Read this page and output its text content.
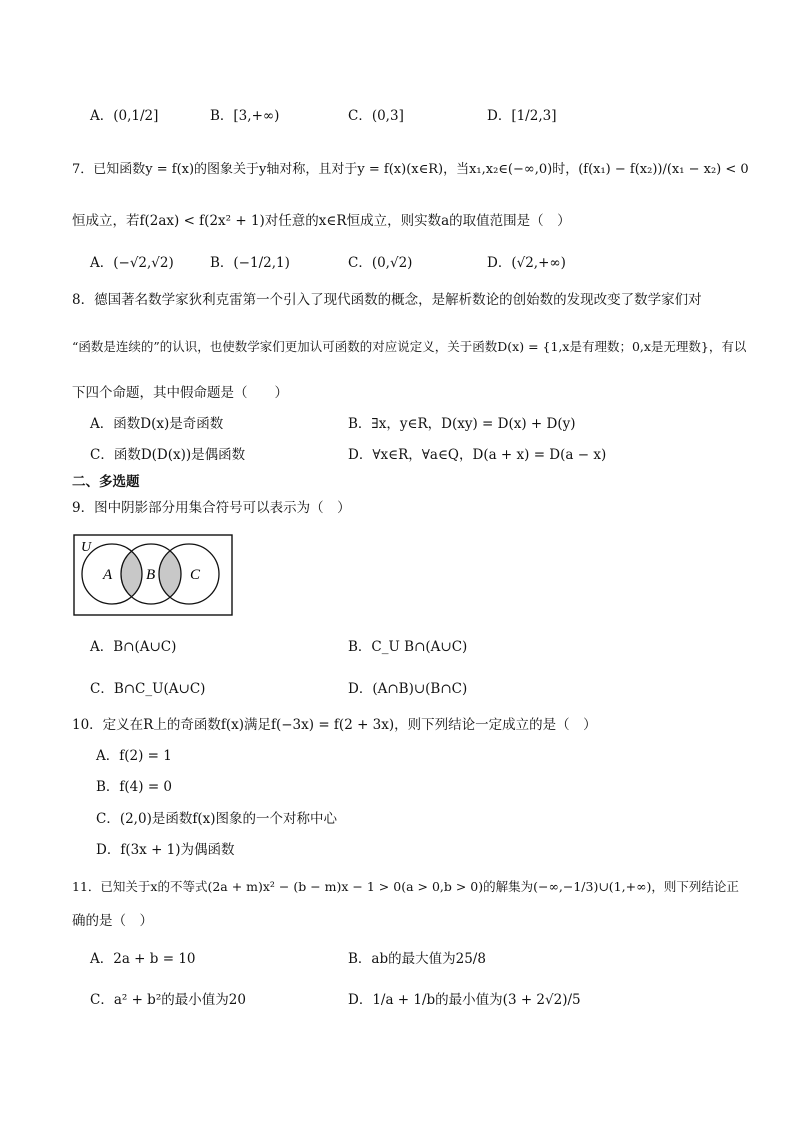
A．(0,1/2]	B．[3,+∞)	C．(0,3]	D．[1/2,3]
7．已知函数y = f(x)的图象关于y轴对称，且对于y = f(x)(x∈R)，当x₁,x₂∈(−∞,0)时，(f(x₁) − f(x₂))/(x₁ − x₂) < 0
恒成立，若f(2ax) < f(2x² + 1)对任意的x∈R恒成立，则实数a的取值范围是（　）
A．(−√2,√2)	B．(−1/2,1)	C．(0,√2)	D．(√2,+∞)
8．德国著名数学家狄利克雷第一个引入了现代函数的概念，是解析数论的创始数的发现改变了数学家们对
“函数是连续的”的认识，也使数学家们更加认可函数的对应说定义，关于函数D(x) = {1,x是有理数；0,x是无理数}，有以
下四个命题，其中假命题是（　　）
A．函数D(x)是奇函数	B．∃x，y∈R，D(xy) = D(x) + D(y)
C．函数D(D(x))是偶函数	D．∀x∈R，∀a∈Q，D(a + x) = D(a − x)
二、多选题
9．图中阴影部分用集合符号可以表示为（　）
U
A B C
A．B∩(A∪C)	B．C_U B∩(A∪C)
C．B∩C_U(A∪C)	D．(A∩B)∪(B∩C)
10．定义在R上的奇函数f(x)满足f(−3x) = f(2 + 3x)，则下列结论一定成立的是（　）
A．f(2) = 1
B．f(4) = 0
C．(2,0)是函数f(x)图象的一个对称中心
D．f(3x + 1)为偶函数
11．已知关于x的不等式(2a + m)x² − (b − m)x − 1 > 0(a > 0,b > 0)的解集为(−∞,−1/3)∪(1,+∞)，则下列结论正
确的是（　）
A．2a + b = 10	B．ab的最大值为25/8
C．a² + b²的最小值为20	D．1/a + 1/b的最小值为(3 + 2√2)/5
